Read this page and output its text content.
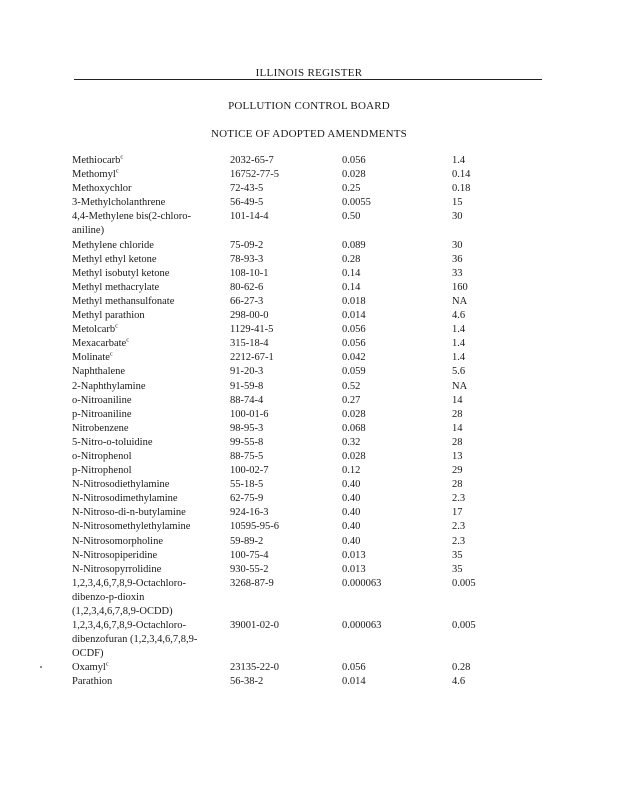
ILLINOIS REGISTER
POLLUTION CONTROL BOARD
NOTICE OF ADOPTED AMENDMENTS
Methiocarb$^c$	2032-65-7	0.056	1.4
Methomyl$^c$	16752-77-5	0.028	0.14
Methoxychlor	72-43-5	0.25	0.18
3-Methylcholanthrene	56-49-5	0.0055	15
4,4-Methylene bis(2-chloro-	101-14-4	0.50	30
aniline)			
Methylene chloride	75-09-2	0.089	30
Methyl ethyl ketone	78-93-3	0.28	36
Methyl isobutyl ketone	108-10-1	0.14	33
Methyl methacrylate	80-62-6	0.14	160
Methyl methansulfonate	66-27-3	0.018	NA
Methyl parathion	298-00-0	0.014	4.6
Metolcarb$^c$	1129-41-5	0.056	1.4
Mexacarbate$^c$	315-18-4	0.056	1.4
Molinate$^c$	2212-67-1	0.042	1.4
Naphthalene	91-20-3	0.059	5.6
2-Naphthylamine	91-59-8	0.52	NA
o-Nitroaniline	88-74-4	0.27	14
p-Nitroaniline	100-01-6	0.028	28
Nitrobenzene	98-95-3	0.068	14
5-Nitro-o-toluidine	99-55-8	0.32	28
o-Nitrophenol	88-75-5	0.028	13
p-Nitrophenol	100-02-7	0.12	29
N-Nitrosodiethylamine	55-18-5	0.40	28
N-Nitrosodimethylamine	62-75-9	0.40	2.3
N-Nitroso-di-n-butylamine	924-16-3	0.40	17
N-Nitrosomethylethylamine	10595-95-6	0.40	2.3
N-Nitrosomorpholine	59-89-2	0.40	2.3
N-Nitrosopiperidine	100-75-4	0.013	35
N-Nitrosopyrrolidine	930-55-2	0.013	35
1,2,3,4,6,7,8,9-Octachloro-	3268-87-9	0.000063	0.005
dibenzo-p-dioxin			
(1,2,3,4,6,7,8,9-OCDD)			
1,2,3,4,6,7,8,9-Octachloro-	39001-02-0	0.000063	0.005
dibenzofuran (1,2,3,4,6,7,8,9-			
OCDF)			
Oxamyl$^c$	23135-22-0	0.056	0.28
Parathion	56-38-2	0.014	4.6
